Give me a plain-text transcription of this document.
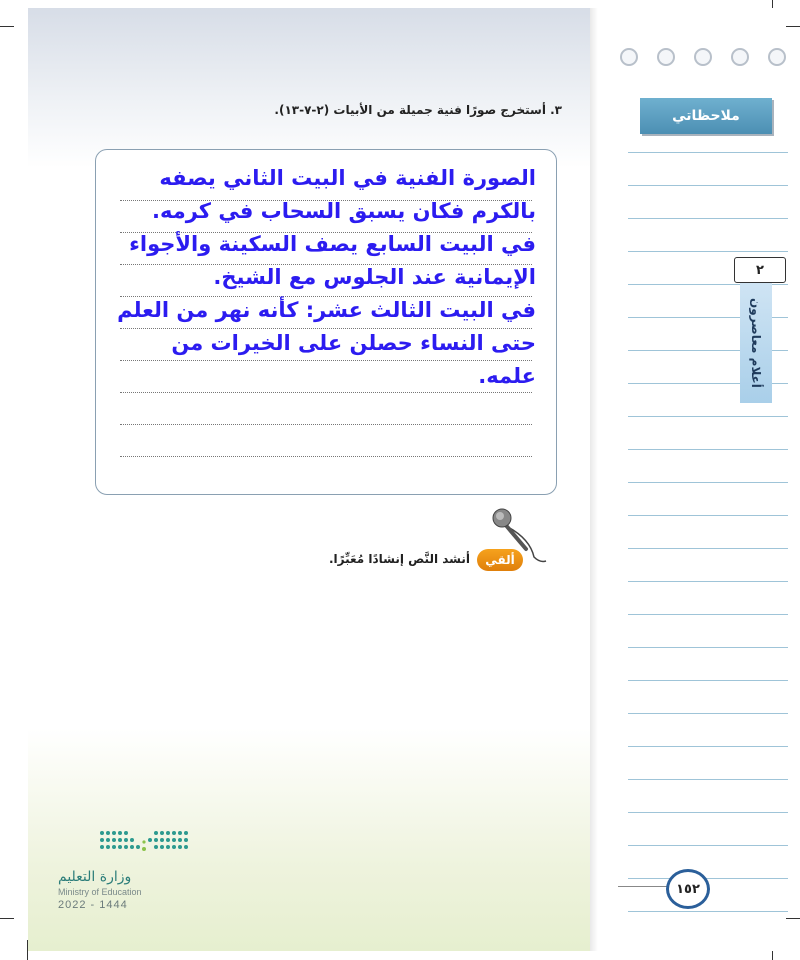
ملاحظاتي
٢
أعلام معاصرون
٣. أستخرج صورًا فنية جميلة من الأبيات (٢-٧-١٣).
الصورة الفنية في البيت الثاني يصفه
بالكرم فكان يسبق السحاب في كرمه.
في البيت السابع يصف السكينة والأجواء
الإيمانية عند الجلوس مع الشيخ.
في البيت الثالث عشر: كأنه نهر من العلم
حتى النساء حصلن على الخيرات من
علمه.
ألقي
أنشد النَّص إنشادًا مُعَبِّرًا.
وزارة التعليم
Ministry of Education
2022 - 1444
١٥٢
